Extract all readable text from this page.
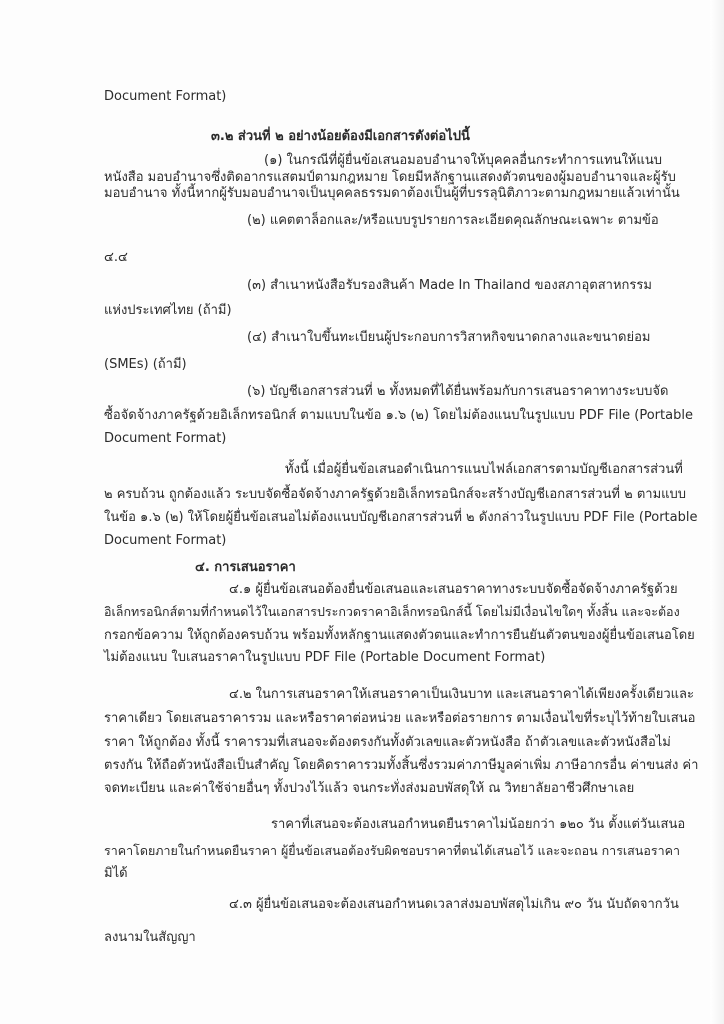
Document Format)
๓.๒ ส่วนที่ ๒ อย่างน้อยต้องมีเอกสารดังต่อไปนี้
(๑) ในกรณีที่ผู้ยื่นข้อเสนอมอบอำนาจให้บุคคลอื่นกระทำการแทนให้แนบ
หนังสือ มอบอำนาจซึ่งติดอากรแสตมป์ตามกฎหมาย โดยมีหลักฐานแสดงตัวตนของผู้มอบอำนาจและผู้รับ
มอบอำนาจ ทั้งนี้หากผู้รับมอบอำนาจเป็นบุคคลธรรมดาต้องเป็นผู้ที่บรรลุนิติภาวะตามกฎหมายแล้วเท่านั้น
(๒) แคตตาล็อกและ/หรือแบบรูปรายการละเอียดคุณลักษณะเฉพาะ ตามข้อ
๔.๔
(๓) สำเนาหนังสือรับรองสินค้า Made In Thailand ของสภาอุตสาหกรรม
แห่งประเทศไทย (ถ้ามี)
(๔) สำเนาใบขึ้นทะเบียนผู้ประกอบการวิสาหกิจขนาดกลางและขนาดย่อม
(SMEs) (ถ้ามี)
(๖) บัญชีเอกสารส่วนที่ ๒ ทั้งหมดที่ได้ยื่นพร้อมกับการเสนอราคาทางระบบจัด
ซื้อจัดจ้างภาครัฐด้วยอิเล็กทรอนิกส์ ตามแบบในข้อ ๑.๖ (๒) โดยไม่ต้องแนบในรูปแบบ PDF File (Portable
Document Format)
ทั้งนี้ เมื่อผู้ยื่นข้อเสนอดำเนินการแนบไฟล์เอกสารตามบัญชีเอกสารส่วนที่
๒ ครบถ้วน ถูกต้องแล้ว ระบบจัดซื้อจัดจ้างภาครัฐด้วยอิเล็กทรอนิกส์จะสร้างบัญชีเอกสารส่วนที่ ๒ ตามแบบ
ในข้อ ๑.๖ (๒) ให้โดยผู้ยื่นข้อเสนอไม่ต้องแนบบัญชีเอกสารส่วนที่ ๒ ดังกล่าวในรูปแบบ PDF File (Portable
Document Format)
๔. การเสนอราคา
๔.๑ ผู้ยื่นข้อเสนอต้องยื่นข้อเสนอและเสนอราคาทางระบบจัดซื้อจัดจ้างภาครัฐด้วย
อิเล็กทรอนิกส์ตามที่กำหนดไว้ในเอกสารประกวดราคาอิเล็กทรอนิกส์นี้ โดยไม่มีเงื่อนไขใดๆ ทั้งสิ้น และจะต้อง
กรอกข้อความ ให้ถูกต้องครบถ้วน พร้อมทั้งหลักฐานแสดงตัวตนและทำการยืนยันตัวตนของผู้ยื่นข้อเสนอโดย
ไม่ต้องแนบ ใบเสนอราคาในรูปแบบ PDF File (Portable Document Format)
๔.๒ ในการเสนอราคาให้เสนอราคาเป็นเงินบาท และเสนอราคาได้เพียงครั้งเดียวและ
ราคาเดียว โดยเสนอราคารวม และหรือราคาต่อหน่วย และหรือต่อรายการ ตามเงื่อนไขที่ระบุไว้ท้ายใบเสนอ
ราคา ให้ถูกต้อง ทั้งนี้ ราคารวมที่เสนอจะต้องตรงกันทั้งตัวเลขและตัวหนังสือ ถ้าตัวเลขและตัวหนังสือไม่
ตรงกัน ให้ถือตัวหนังสือเป็นสำคัญ โดยคิดราคารวมทั้งสิ้นซึ่งรวมค่าภาษีมูลค่าเพิ่ม ภาษีอากรอื่น ค่าขนส่ง ค่า
จดทะเบียน และค่าใช้จ่ายอื่นๆ ทั้งปวงไว้แล้ว จนกระทั่งส่งมอบพัสดุให้ ณ วิทยาลัยอาชีวศึกษาเลย
ราคาที่เสนอจะต้องเสนอกำหนดยืนราคาไม่น้อยกว่า ๑๒๐ วัน ตั้งแต่วันเสนอ
ราคาโดยภายในกำหนดยืนราคา ผู้ยื่นข้อเสนอต้องรับผิดชอบราคาที่ตนได้เสนอไว้ และจะถอน การเสนอราคา
มิได้
๔.๓ ผู้ยื่นข้อเสนอจะต้องเสนอกำหนดเวลาส่งมอบพัสดุไม่เกิน ๙๐ วัน นับถัดจากวัน
ลงนามในสัญญา
